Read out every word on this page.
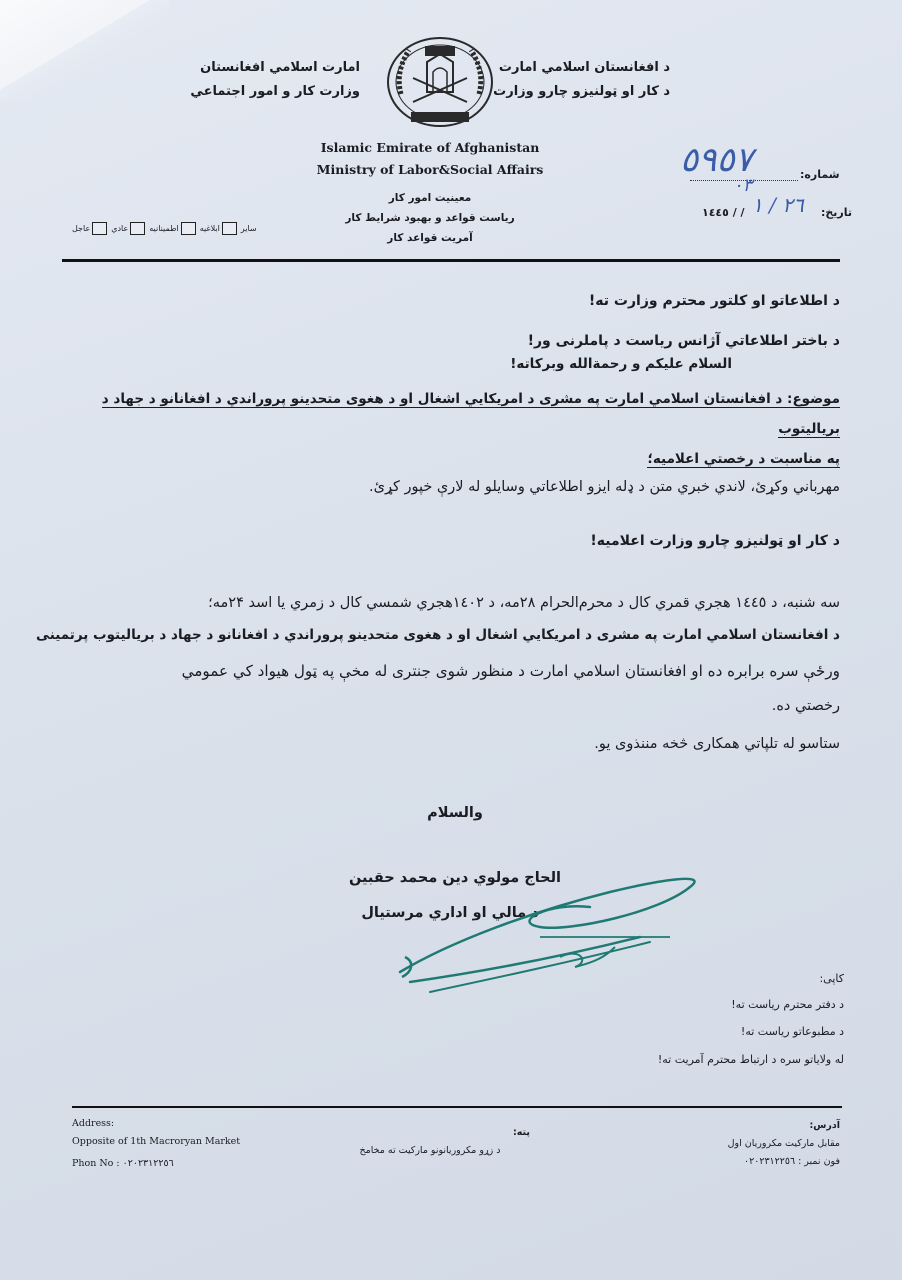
امارت اسلامي افغانستان
وزارت کار و امور اجتماعي
د افغانستان اسلامي امارت
د کار او ټولنيزو چارو وزارت
Islamic Emirate of Afghanistan
Ministry of Labor&Social Affairs
معينيت امور کار
رياست قواعد و بهبود شرايط کار
آمريت قواعد کار
٥٩٥٧	شماره:
٠٣
١٤٤٥ / /	تاريخ:
٢٦ / ١
عاجل	عادي	اطمينانيه	ابلاغيه	ساير
د اطلاعاتو او کلتور محترم وزارت ته!
د باختر اطلاعاتي آژانس رياست د پاملرنی ور!
السلام عليکم و رحمةالله وبرکاته!
موضوع: د افغانستان اسلامي امارت په مشرى د امريکايي اشغال او د هغوى متحدينو پروراندي د افغانانو د جهاد د بريالیتوب
په مناسبت د رخصتي اعلاميه؛
مهرباني وکړئ، لاندي خبري متن د ډله ايزو اطلاعاتي وسايلو له لارې خپور کړئ.
د کار او ټولنيزو چارو وزارت اعلاميه!
سه شنبه، د ١٤٤٥ هجري قمري کال د محرم‌الحرام ٢٨مه، د ١٤٠٢هجري شمسي کال د زمري يا اسد ٢۴مه؛
د افغانستان اسلامي امارت په مشرى د امريکايي اشغال او د هغوى متحدينو پروراندي د افغانانو د جهاد د بريالیتوب پرتمينی
ورځې سره برابره ده او افغانستان اسلامي امارت د منظور شوی جنترى له مخې په ټول هيواد کي عمومي
رخصتي ده.
ستاسو له تلپاتي همکارى څخه مننذوى يو.
والسلام
الحاج مولوي دين محمد حقبين
د مالي او اداري مرستيال
کاپی:
د دفتر محترم رياست ته!
د مطبوعاتو رياست ته!
له ولاياتو سره د ارتباط محترم آمريت ته!
Address:
Opposite of 1th Macroryan Market
Phon No : ٠٢٠٢٣١٢٢٥٦
پته:
د زړو مکروريانونو مارکيت ته مخامخ
آدرس:
مقابل مارکيت مکروريان اول
فون نمبر : ٠٢٠٢٣١٢٢٥٦
